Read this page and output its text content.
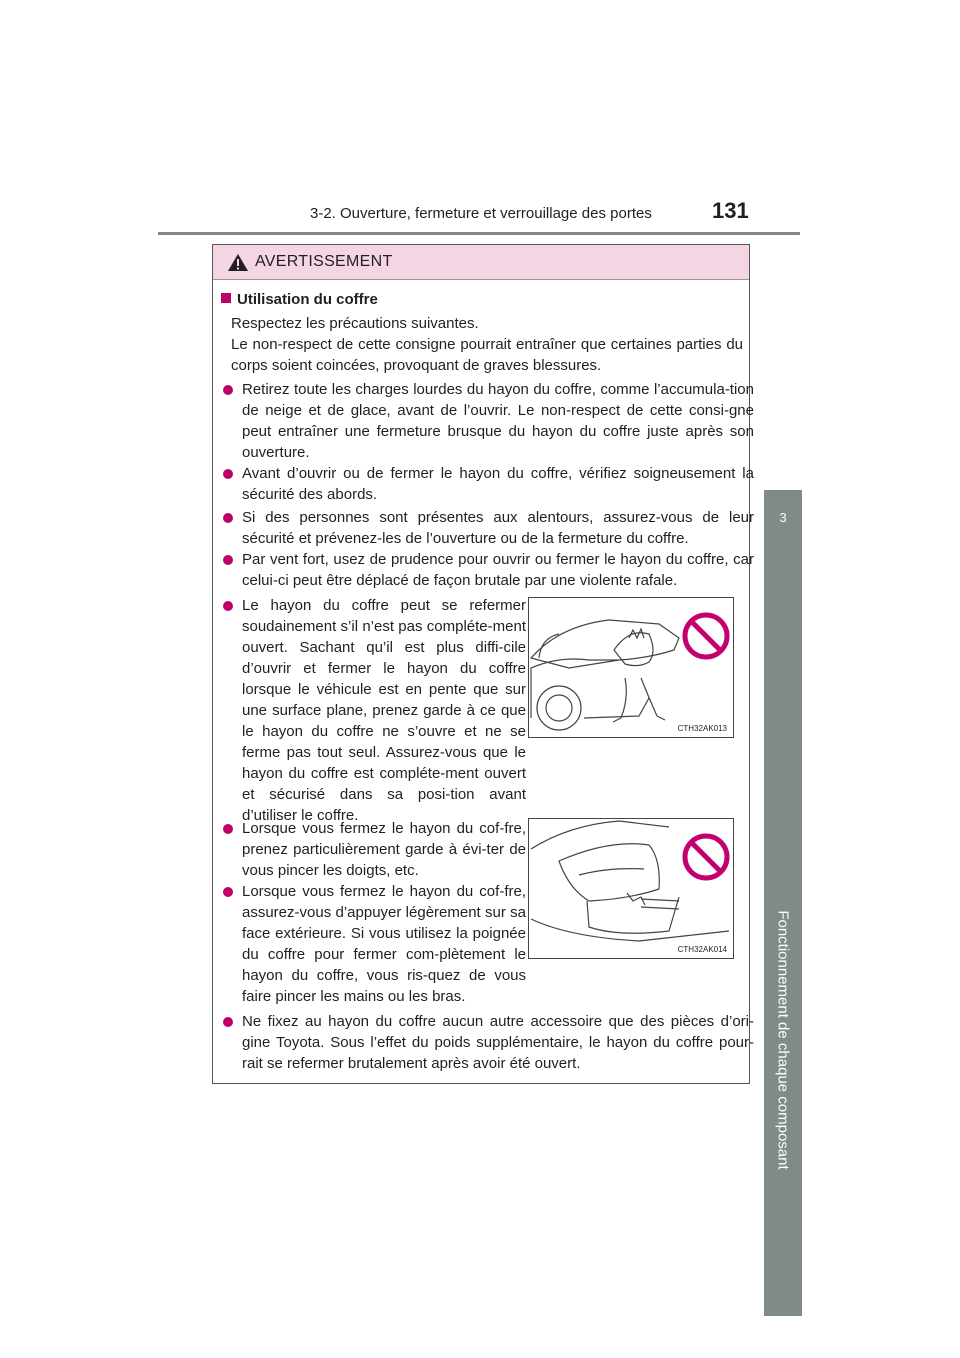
3-2. Ouverture, fermeture et verrouillage des portes	131
3
Fonctionnement de chaque composant
AVERTISSEMENT
Utilisation du coffre
Respectez les précautions suivantes.
Le non-respect de cette consigne pourrait entraîner que certaines parties du corps soient coincées, provoquant de graves blessures.
Retirez toute les charges lourdes du hayon du coffre, comme l’accumula-tion de neige et de glace, avant de l’ouvrir. Le non-respect de cette consi-gne peut entraîner une fermeture brusque du hayon du coffre juste après son ouverture.
Avant d’ouvrir ou de fermer le hayon du coffre, vérifiez soigneusement la sécurité des abords.
Si des personnes sont présentes aux alentours, assurez-vous de leur sécurité et prévenez-les de l’ouverture ou de la fermeture du coffre.
Par vent fort, usez de prudence pour ouvrir ou fermer le hayon du coffre, car celui-ci peut être déplacé de façon brutale par une violente rafale.
Le hayon du coffre peut se refermer soudainement s’il n’est pas compléte-ment ouvert. Sachant qu’il est plus diffi-cile d’ouvrir et fermer le hayon du coffre lorsque le véhicule est en pente que sur une surface plane, prenez garde à ce que le hayon du coffre ne s’ouvre et ne se ferme pas tout seul. Assurez-vous que le hayon du coffre est compléte-ment ouvert et sécurisé dans sa posi-tion avant d’utiliser le coffre.
Lorsque vous fermez le hayon du cof-fre, prenez particulièrement garde à évi-ter de vous pincer les doigts, etc.
Lorsque vous fermez le hayon du cof-fre, assurez-vous d’appuyer légèrement sur sa face extérieure. Si vous utilisez la poignée du coffre pour fermer com-plètement le hayon du coffre, vous ris-quez de vous faire pincer les mains ou les bras.
Ne fixez au hayon du coffre aucun autre accessoire que des pièces d’ori-gine Toyota. Sous l’effet du poids supplémentaire, le hayon du coffre pour-rait se refermer brutalement après avoir été ouvert.
CTH32AK013
CTH32AK014
